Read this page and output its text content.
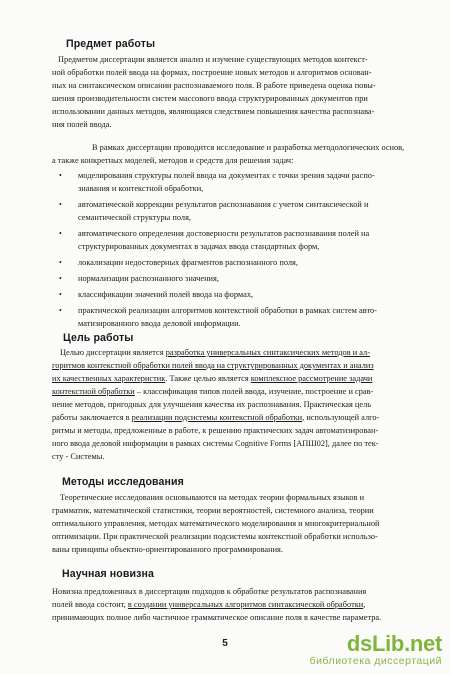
Предмет работы
Предметом диссертации является анализ и изучение существующих методов контекст-
ной обработки полей ввода на формах, построение новых методов и алгоритмов основан-
ных на синтаксическом описании распознаваемого поля. В работе приведена оценка повы-
шения производительности систем массового ввода структурированных документов при
использовании данных методов, являющаяся следствием повышения качества распознава-
ния полей ввода.
В рамках диссертации проводится исследование и разработка методологических основ,
а также конкретных моделей, методов и средств для решения задач:
• моделирования структуры полей ввода на документах с точки зрения задачи распо-
знавания и контекстной обработки,
• автоматической коррекции результатов распознавания с учетом синтаксической и
семантической структуры поля,
• автоматического определения достоверности результатов распознавания полей на
структурированных документах в задачах ввода стандартных форм,
• локализации недостоверных фрагментов распознанного поля,
• нормализации распознанного значения,
• классификации значений полей ввода на формах,
• практической реализации алгоритмов контекстной обработки в рамках систем авто-
матизированного ввода деловой информации.
Цель работы
Целью диссертации является разработка универсальных синтаксических методов и ал-
горитмов контекстной обработки полей ввода на структурированных документах и анализ
их качественных характеристик. Также целью является комплексное рассмотрение задачи
контекстной обработки – классификация типов полей ввода, изучение, построение и срав-
нение методов, пригодных для улучшения качества их распознавания. Практическая цель
работы заключается в реализации подсистемы контекстной обработки, использующей алго-
ритмы и методы, предложенные в работе, к решению практических задач автоматизирован-
ного ввода деловой информации в рамках системы Cognitive Forms [АПШ02], далее по тек-
сту - Системы.
Методы исследования
Теоретические исследования основываются на методах теории формальных языков и
грамматик, математической статистики, теории вероятностей, системного анализа, теории
оптимального управления, методах математического моделирования и многокритериальной
оптимизации. При практической реализации подсистемы контекстной обработки использо-
ваны принципы объектно-ориентированного программирования.
Научная новизна
Новизна предложенных в диссертации подходов к обработке результатов распознавания
полей ввода состоит, в создании универсальных алгоритмов синтаксической обработки,
принимающих полное либо частичное грамматическое описание поля в качестве параметра.
5	dsLib.net
библиотека диссертаций
